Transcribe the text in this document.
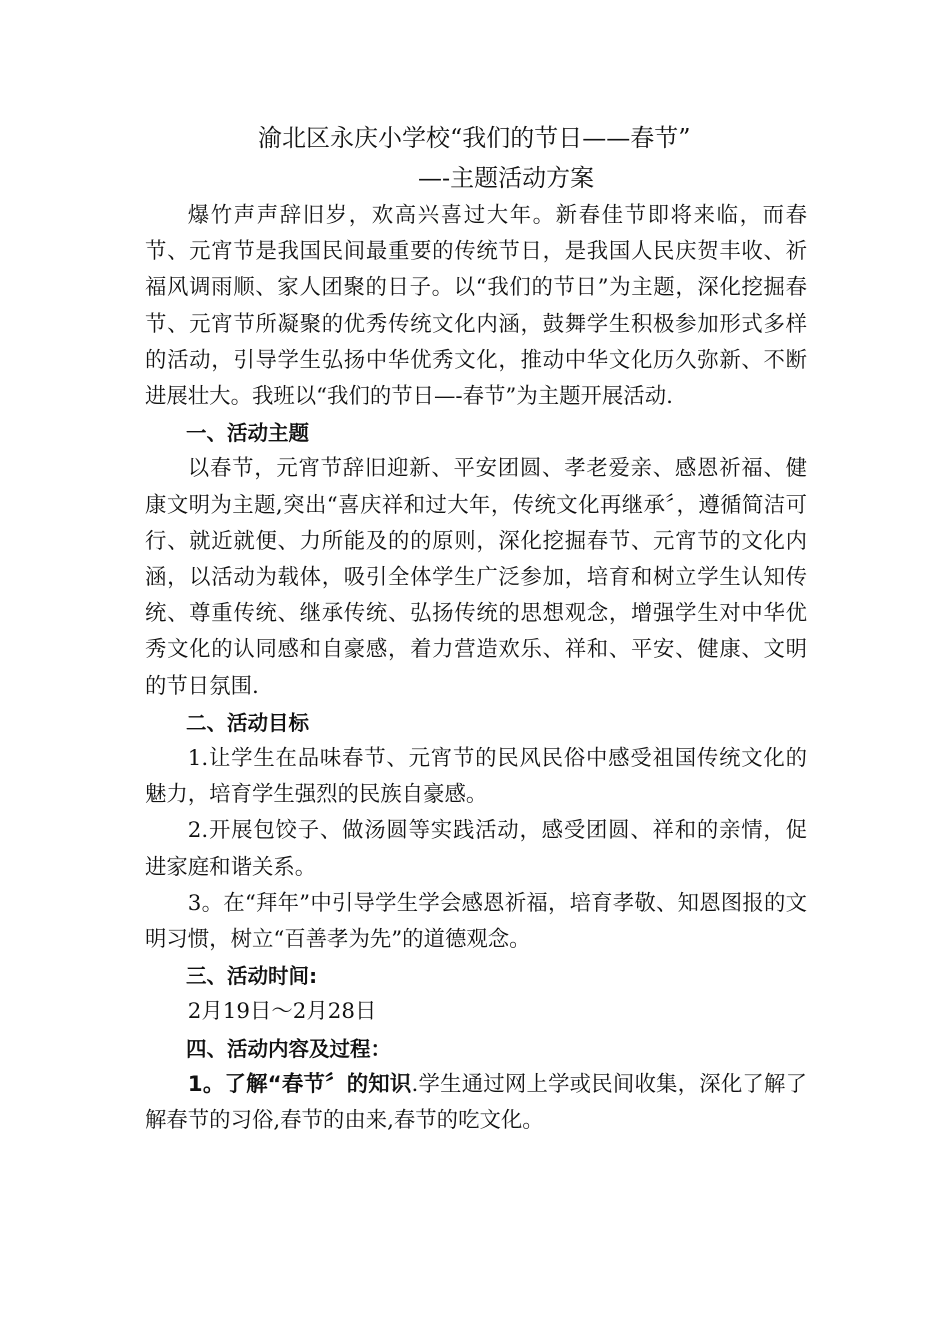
渝北区永庆小学校“我们的节日——春节”
—-主题活动方案

爆竹声声辞旧岁，欢高兴喜过大年。新春佳节即将来临，而春节、元宵节是我国民间最重要的传统节日，是我国人民庆贺丰收、祈福风调雨顺、家人团聚的日子。以“我们的节日”为主题，深化挖掘春节、元宵节所凝聚的优秀传统文化内涵，鼓舞学生积极参加形式多样的活动，引导学生弘扬中华优秀文化，推动中华文化历久弥新、不断进展壮大。我班以“我们的节日—-春节”为主题开展活动.

一、活动主题

以春节，元宵节辞旧迎新、平安团圆、孝老爱亲、感恩祈福、健康文明为主题,突出“喜庆祥和过大年，传统文化再继承〞，遵循简洁可行、就近就便、力所能及的的原则，深化挖掘春节、元宵节的文化内涵，以活动为载体，吸引全体学生广泛参加，培育和树立学生认知传统、尊重传统、继承传统、弘扬传统的思想观念，增强学生对中华优秀文化的认同感和自豪感，着力营造欢乐、祥和、平安、健康、文明的节日氛围.

二、活动目标

1.让学生在品味春节、元宵节的民风民俗中感受祖国传统文化的魅力，培育学生强烈的民族自豪感。

2.开展包饺子、做汤圆等实践活动，感受团圆、祥和的亲情，促进家庭和谐关系。

3。在“拜年”中引导学生学会感恩祈福，培育孝敬、知恩图报的文明习惯，树立“百善孝为先”的道德观念。

三、活动时间:

2月19日～2月28日

四、活动内容及过程：

1。了解“春节〞的知识.学生通过网上学或民间收集，深化了解了解春节的习俗,春节的由来,春节的吃文化。
